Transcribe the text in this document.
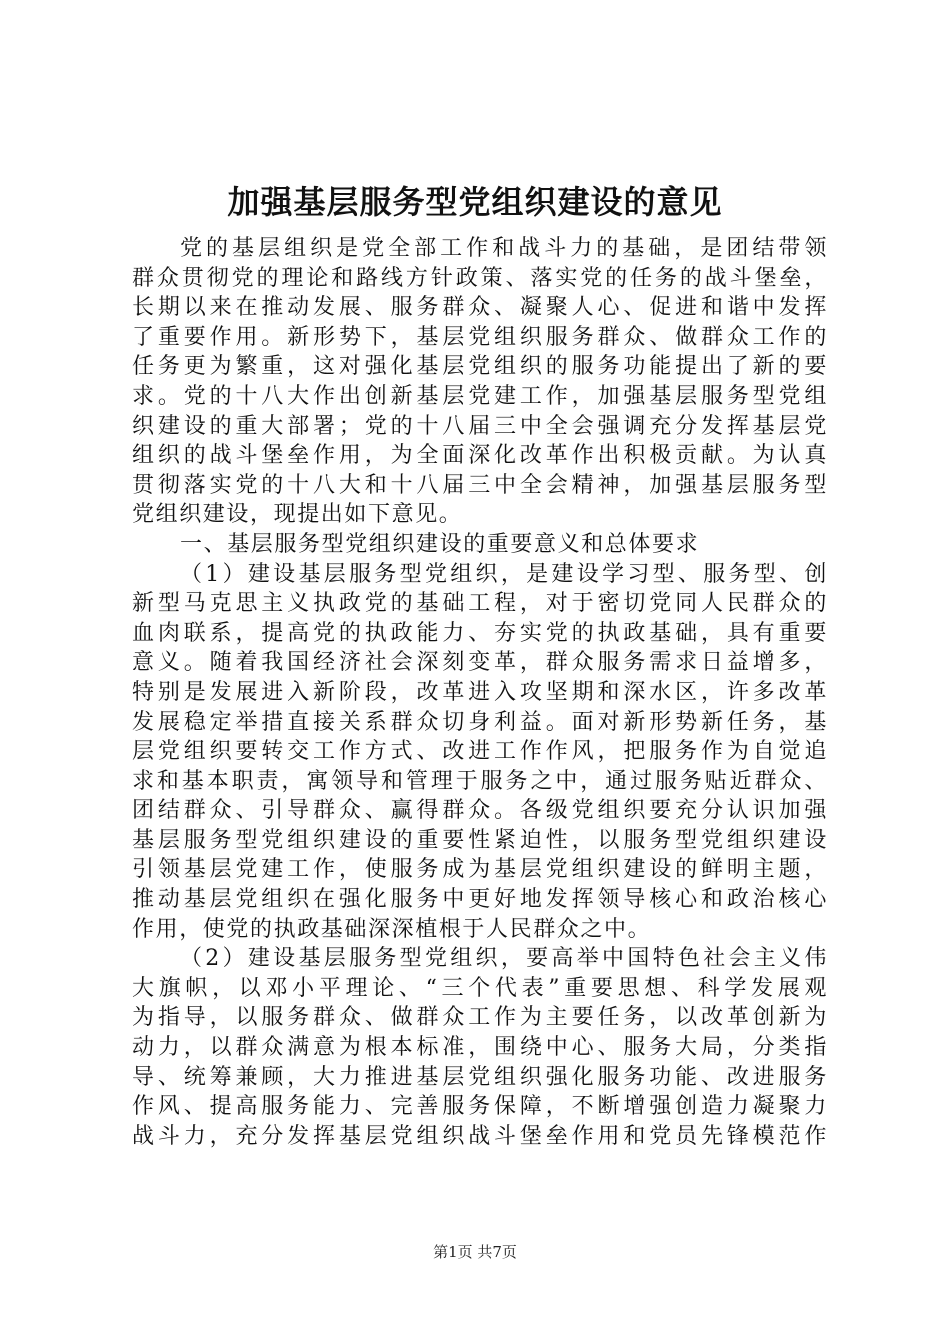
加强基层服务型党组织建设的意见
党的基层组织是党全部工作和战斗力的基础，是团结带领
群众贯彻党的理论和路线方针政策、落实党的任务的战斗堡垒，
长期以来在推动发展、服务群众、凝聚人心、促进和谐中发挥
了重要作用。新形势下，基层党组织服务群众、做群众工作的
任务更为繁重，这对强化基层党组织的服务功能提出了新的要
求。党的十八大作出创新基层党建工作，加强基层服务型党组
织建设的重大部署；党的十八届三中全会强调充分发挥基层党
组织的战斗堡垒作用，为全面深化改革作出积极贡献。为认真
贯彻落实党的十八大和十八届三中全会精神，加强基层服务型
党组织建设，现提出如下意见。
一、基层服务型党组织建设的重要意义和总体要求
（1）建设基层服务型党组织，是建设学习型、服务型、创
新型马克思主义执政党的基础工程，对于密切党同人民群众的
血肉联系，提高党的执政能力、夯实党的执政基础，具有重要
意义。随着我国经济社会深刻变革，群众服务需求日益增多，
特别是发展进入新阶段，改革进入攻坚期和深水区，许多改革
发展稳定举措直接关系群众切身利益。面对新形势新任务，基
层党组织要转交工作方式、改进工作作风，把服务作为自觉追
求和基本职责，寓领导和管理于服务之中，通过服务贴近群众、
团结群众、引导群众、赢得群众。各级党组织要充分认识加强
基层服务型党组织建设的重要性紧迫性，以服务型党组织建设
引领基层党建工作，使服务成为基层党组织建设的鲜明主题，
推动基层党组织在强化服务中更好地发挥领导核心和政治核心
作用，使党的执政基础深深植根于人民群众之中。
（2）建设基层服务型党组织，要高举中国特色社会主义伟
大旗帜，以邓小平理论、“三个代表”重要思想、科学发展观
为指导，以服务群众、做群众工作为主要任务，以改革创新为
动力，以群众满意为根本标准，围绕中心、服务大局，分类指
导、统筹兼顾，大力推进基层党组织强化服务功能、改进服务
作风、提高服务能力、完善服务保障，不断增强创造力凝聚力
战斗力，充分发挥基层党组织战斗堡垒作用和党员先锋模范作
第1页 共7页
